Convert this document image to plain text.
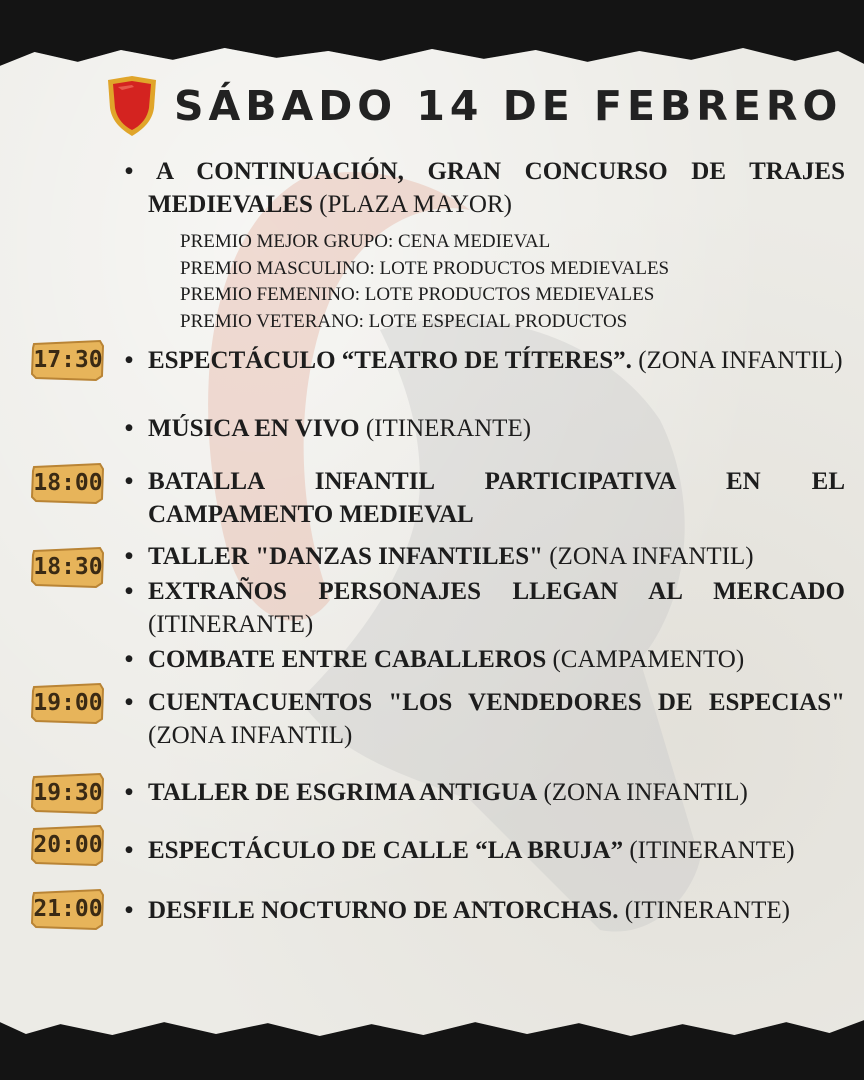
SÁBADO 14 DE FEBRERO
• A CONTINUACIÓN, GRAN CONCURSO DE TRAJES MEDIEVALES (PLAZA MAYOR)
PREMIO MEJOR GRUPO: CENA MEDIEVAL
PREMIO MASCULINO: LOTE PRODUCTOS MEDIEVALES
PREMIO FEMENINO: LOTE PRODUCTOS MEDIEVALES
PREMIO VETERANO: LOTE ESPECIAL PRODUCTOS
17:30
18:00
18:30
19:00
19:30
20:00
21:00
• ESPECTÁCULO “TEATRO DE TÍTERES”. (ZONA INFANTIL)
• MÚSICA EN VIVO (ITINERANTE)
• BATALLA INFANTIL PARTICIPATIVA EN EL CAMPAMENTO MEDIEVAL
• TALLER "DANZAS INFANTILES" (ZONA INFANTIL)
• EXTRAÑOS PERSONAJES LLEGAN AL MERCADO (ITINERANTE)
• COMBATE ENTRE CABALLEROS (CAMPAMENTO)
• CUENTACUENTOS "LOS VENDEDORES DE ESPECIAS" (ZONA INFANTIL)
• TALLER DE ESGRIMA ANTIGUA (ZONA INFANTIL)
• ESPECTÁCULO DE CALLE “LA BRUJA” (ITINERANTE)
• DESFILE NOCTURNO DE ANTORCHAS. (ITINERANTE)
